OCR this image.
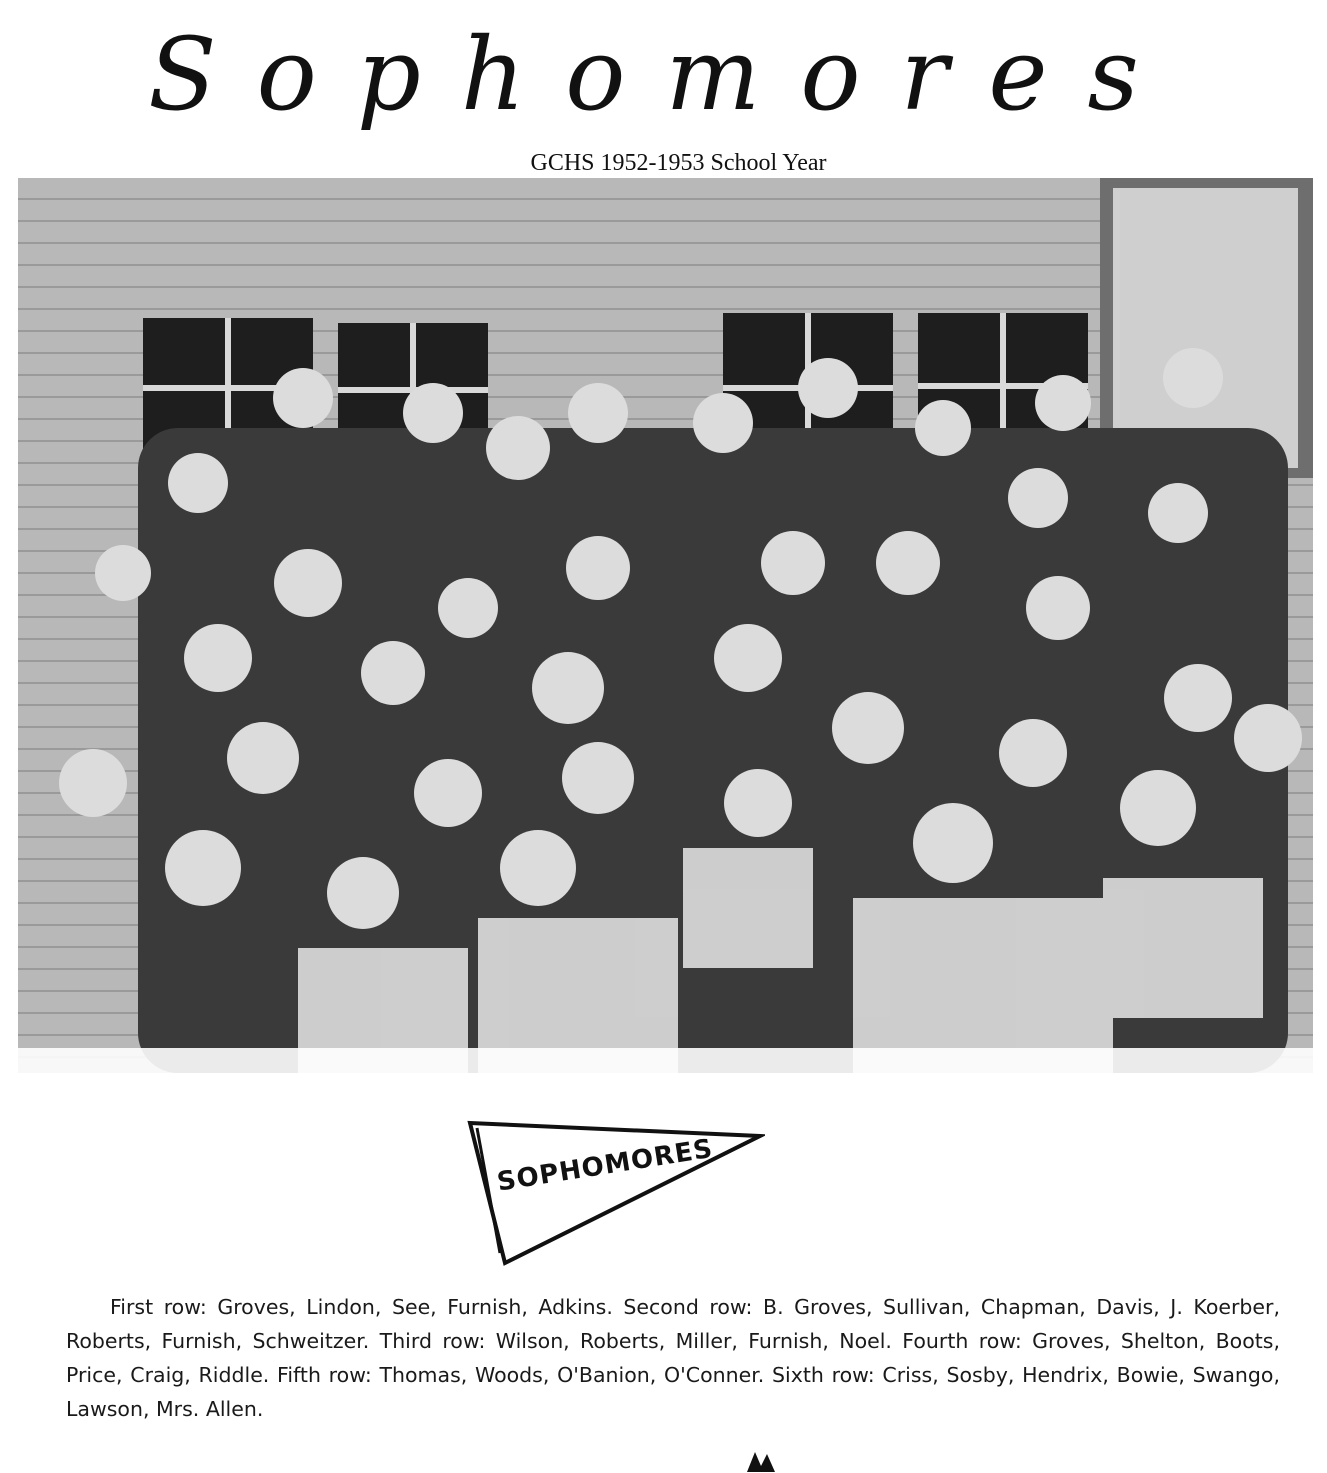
Sophomores
GCHS 1952-1953 School Year
SOPHOMORES
First row: Groves, Lindon, See, Furnish, Adkins. Second row: B. Groves, Sullivan, Chapman, Davis, J. Koerber, Roberts, Furnish, Schweitzer. Third row: Wilson, Roberts, Miller, Furnish, Noel. Fourth row: Groves, Shelton, Boots, Price, Craig, Riddle. Fifth row: Thomas, Woods, O'Banion, O'Conner. Sixth row: Criss, Sosby, Hendrix, Bowie, Swango, Lawson, Mrs. Allen.
